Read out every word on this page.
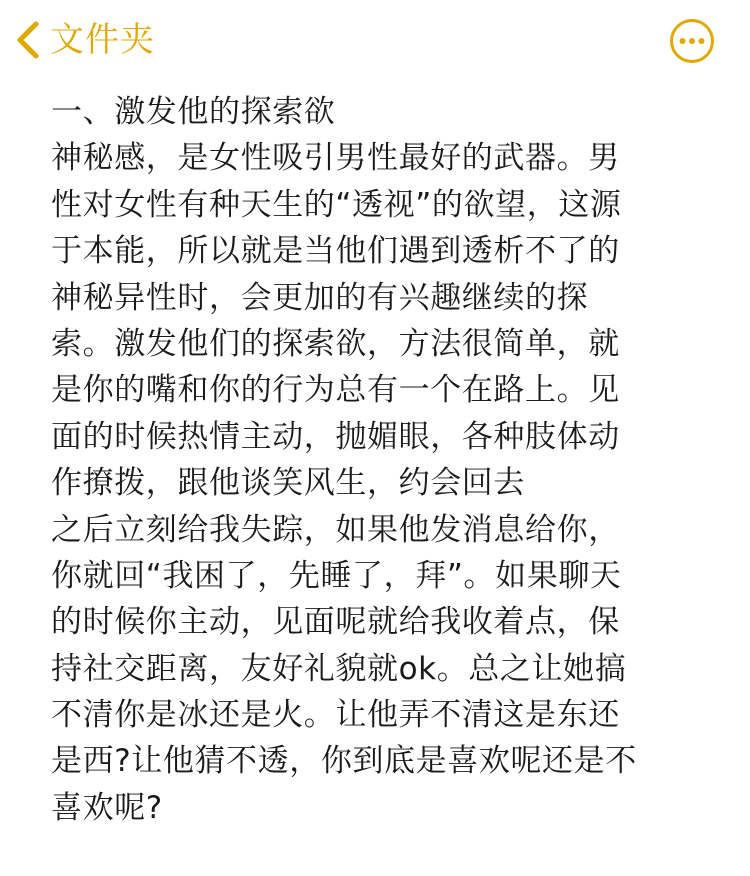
文件夹
一、激发他的探索欲
神秘感，是女性吸引男性最好的武器。男
性对女性有种天生的“透视”的欲望，这源
于本能，所以就是当他们遇到透析不了的
神秘异性时，会更加的有兴趣继续的探
索。激发他们的探索欲，方法很简单，就
是你的嘴和你的行为总有一个在路上。见
面的时候热情主动，抛媚眼，各种肢体动
作撩拨，跟他谈笑风生，约会回去
之后立刻给我失踪，如果他发消息给你，
你就回“我困了，先睡了，拜”。如果聊天
的时候你主动，见面呢就给我收着点，保
持社交距离，友好礼貌就ok。总之让她搞
不清你是冰还是火。让他弄不清这是东还
是西?让他猜不透，你到底是喜欢呢还是不
喜欢呢?
